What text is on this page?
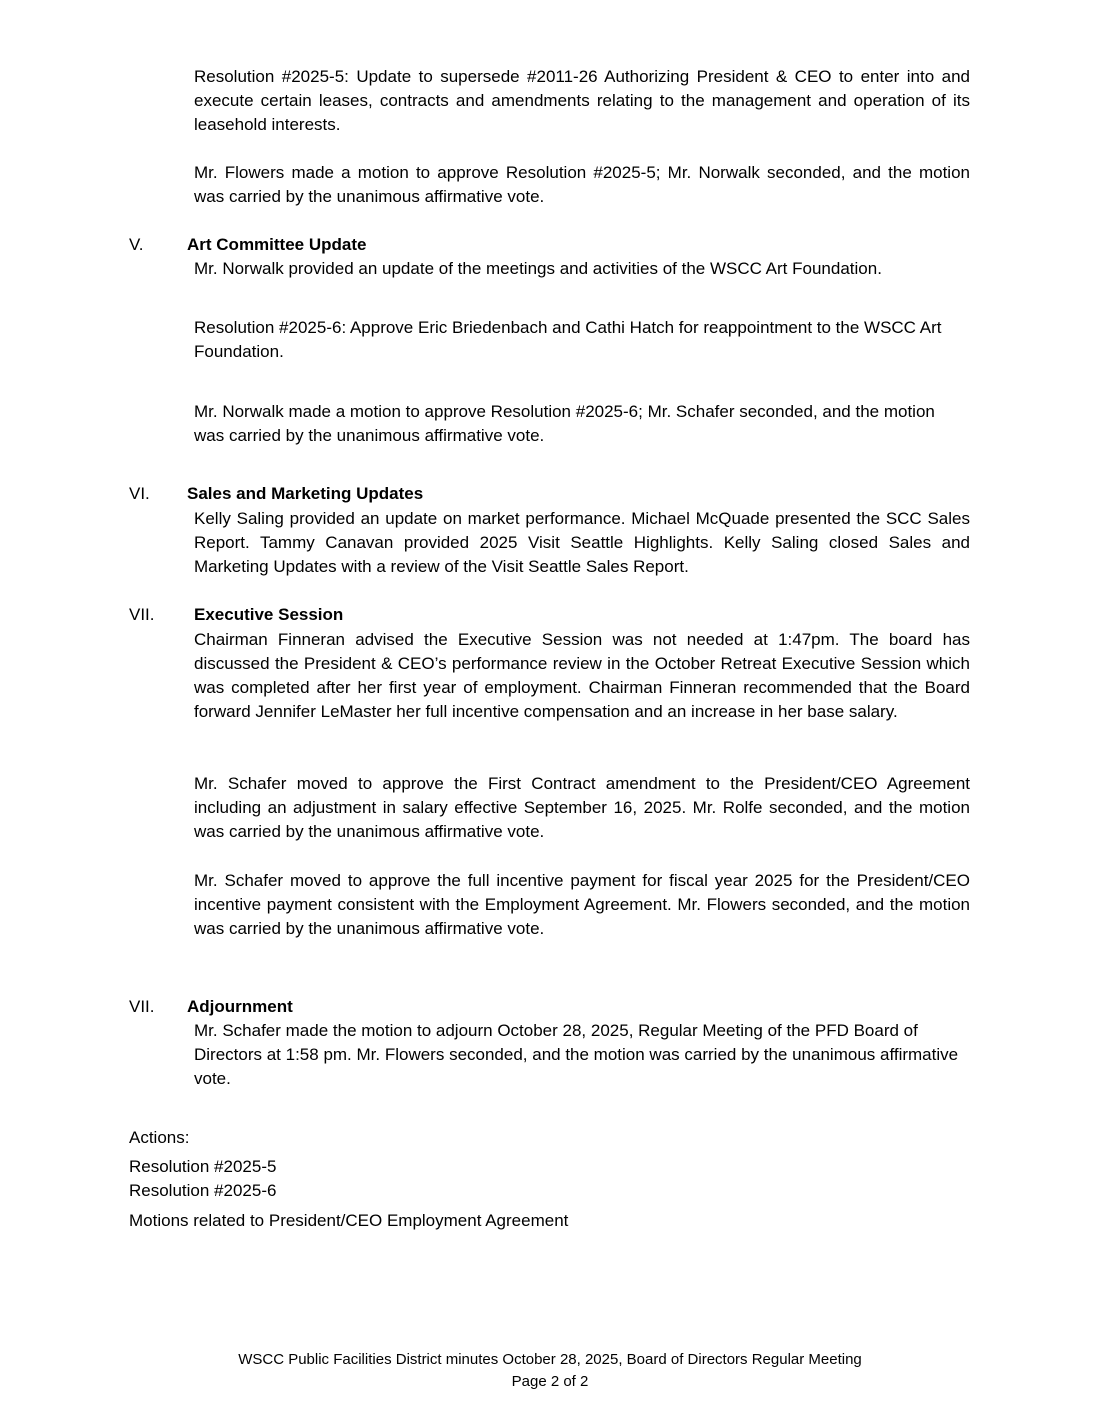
Resolution #2025-5: Update to supersede #2011-26 Authorizing President & CEO to enter into and execute certain leases, contracts and amendments relating to the management and operation of its leasehold interests.

Mr. Flowers made a motion to approve Resolution #2025-5; Mr. Norwalk seconded, and the motion was carried by the unanimous affirmative vote.

V.	Art Committee Update

Mr. Norwalk provided an update of the meetings and activities of the WSCC Art Foundation.

Resolution #2025-6: Approve Eric Briedenbach and Cathi Hatch for reappointment to the WSCC Art Foundation.

Mr. Norwalk made a motion to approve Resolution #2025-6; Mr. Schafer seconded, and the motion was carried by the unanimous affirmative vote.

VI. Sales and Marketing Updates

Kelly Saling provided an update on market performance. Michael McQuade presented the SCC Sales Report. Tammy Canavan provided 2025 Visit Seattle Highlights. Kelly Saling closed Sales and Marketing Updates with a review of the Visit Seattle Sales Report.

VII. Executive Session

Chairman Finneran advised the Executive Session was not needed at 1:47pm. The board has discussed the President & CEO’s performance review in the October Retreat Executive Session which was completed after her first year of employment. Chairman Finneran recommended that the Board forward Jennifer LeMaster her full incentive compensation and an increase in her base salary.

Mr. Schafer moved to approve the First Contract amendment to the President/CEO Agreement including an adjustment in salary effective September 16, 2025. Mr. Rolfe seconded, and the motion was carried by the unanimous affirmative vote.

Mr. Schafer moved to approve the full incentive payment for fiscal year 2025 for the President/CEO incentive payment consistent with the Employment Agreement. Mr. Flowers seconded, and the motion was carried by the unanimous affirmative vote.

VII. Adjournment

Mr. Schafer made the motion to adjourn October 28, 2025, Regular Meeting of the PFD Board of Directors at 1:58 pm. Mr. Flowers seconded, and the motion was carried by the unanimous affirmative vote.

Actions:

Resolution #2025-5

Resolution #2025-6

Motions related to President/CEO Employment Agreement

WSCC Public Facilities District minutes October 28, 2025, Board of Directors Regular Meeting

Page 2 of 2
